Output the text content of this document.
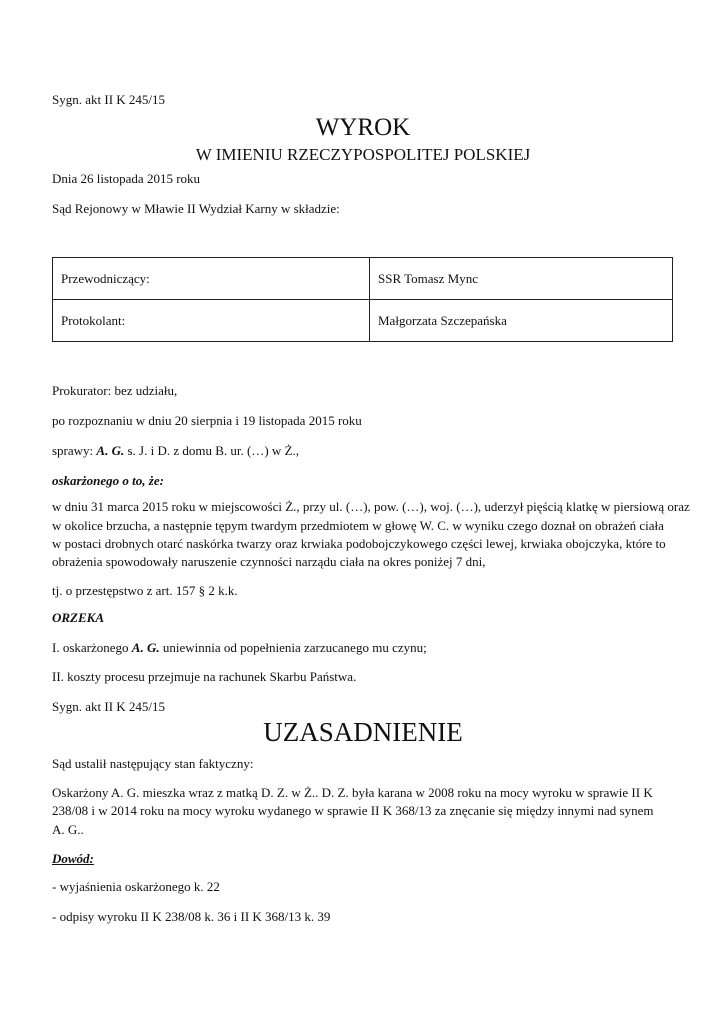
Sygn. akt II K 245/15
WYROK
W IMIENIU RZECZYPOSPOLITEJ POLSKIEJ
Dnia 26 listopada 2015 roku
Sąd Rejonowy w Mławie II Wydział Karny w składzie:
Przewodniczący:	SSR Tomasz Mync
Protokolant:	Małgorzata Szczepańska
Prokurator: bez udziału,
po rozpoznaniu w dniu 20 sierpnia i 19 listopada 2015 roku
sprawy: A. G. s. J. i D. z domu B. ur. (…) w Ż.,
oskarżonego o to, że:
w dniu 31 marca 2015 roku w miejscowości Ż., przy ul. (…), pow. (…), woj. (…), uderzył pięścią klatkę w piersiową oraz
w okolice brzucha, a następnie tępym twardym przedmiotem w głowę W. C. w wyniku czego doznał on obrażeń ciała
w postaci drobnych otarć naskórka twarzy oraz krwiaka podobojczykowego części lewej, krwiaka obojczyka, które to
obrażenia spowodowały naruszenie czynności narządu ciała na okres poniżej 7 dni,
tj. o przestępstwo z art. 157 § 2 k.k.
ORZEKA
I. oskarżonego A. G. uniewinnia od popełnienia zarzucanego mu czynu;
II. koszty procesu przejmuje na rachunek Skarbu Państwa.
Sygn. akt II K 245/15
UZASADNIENIE
Sąd ustalił następujący stan faktyczny:
Oskarżony A. G. mieszka wraz z matką D. Z. w Ż.. D. Z. była karana w 2008 roku na mocy wyroku w sprawie II K
238/08 i w 2014 roku na mocy wyroku wydanego w sprawie II K 368/13 za znęcanie się między innymi nad synem
A. G..
Dowód:
- wyjaśnienia oskarżonego k. 22
- odpisy wyroku II K 238/08 k. 36 i II K 368/13 k. 39
